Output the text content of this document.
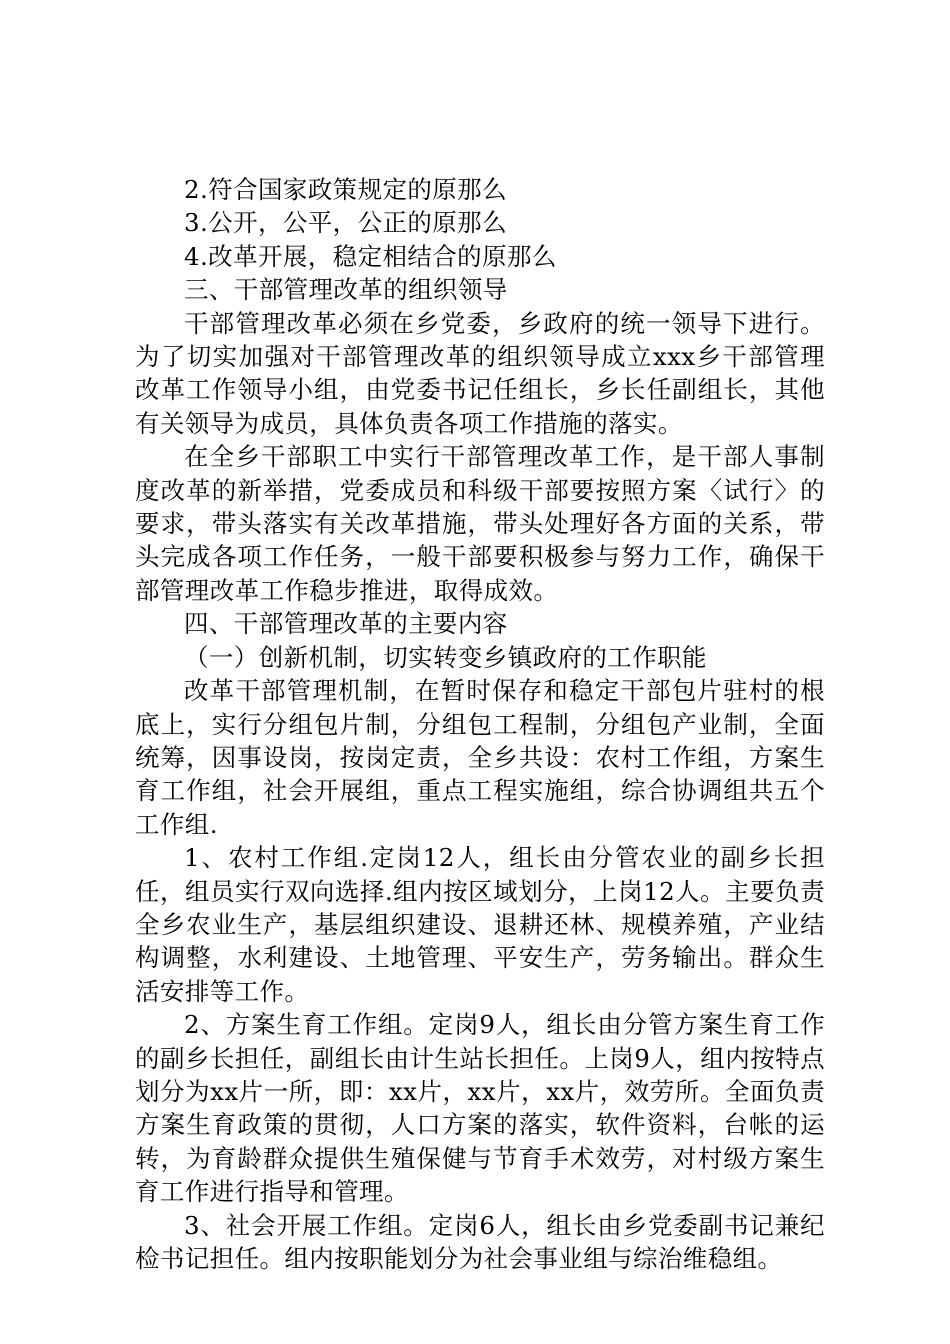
2.符合国家政策规定的原那么

3.公开，公平，公正的原那么

4.改革开展，稳定相结合的原那么

三、干部管理改革的组织领导

干部管理改革必须在乡党委，乡政府的统一领导下进行。为了切实加强对干部管理改革的组织领导成立xxx乡干部管理改革工作领导小组，由党委书记任组长，乡长任副组长，其他有关领导为成员，具体负责各项工作措施的落实。

在全乡干部职工中实行干部管理改革工作，是干部人事制度改革的新举措，党委成员和科级干部要按照方案〈试行〉的要求，带头落实有关改革措施，带头处理好各方面的关系，带头完成各项工作任务，一般干部要积极参与努力工作，确保干部管理改革工作稳步推进，取得成效。

四、干部管理改革的主要内容

（一）创新机制，切实转变乡镇政府的工作职能

改革干部管理机制，在暂时保存和稳定干部包片驻村的根底上，实行分组包片制，分组包工程制，分组包产业制，全面统筹，因事设岗，按岗定责，全乡共设：农村工作组，方案生育工作组，社会开展组，重点工程实施组，综合协调组共五个工作组.

1、农村工作组.定岗12人，组长由分管农业的副乡长担任，组员实行双向选择.组内按区域划分，上岗12人。主要负责全乡农业生产，基层组织建设、退耕还林、规模养殖，产业结构调整，水利建设、土地管理、平安生产，劳务输出。群众生活安排等工作。

2、方案生育工作组。定岗9人，组长由分管方案生育工作的副乡长担任，副组长由计生站长担任。上岗9人，组内按特点划分为xx片一所，即：xx片，xx片，xx片，效劳所。全面负责方案生育政策的贯彻，人口方案的落实，软件资料，台帐的运转，为育龄群众提供生殖保健与节育手术效劳，对村级方案生育工作进行指导和管理。

3、社会开展工作组。定岗6人，组长由乡党委副书记兼纪检书记担任。组内按职能划分为社会事业组与综治维稳组。
